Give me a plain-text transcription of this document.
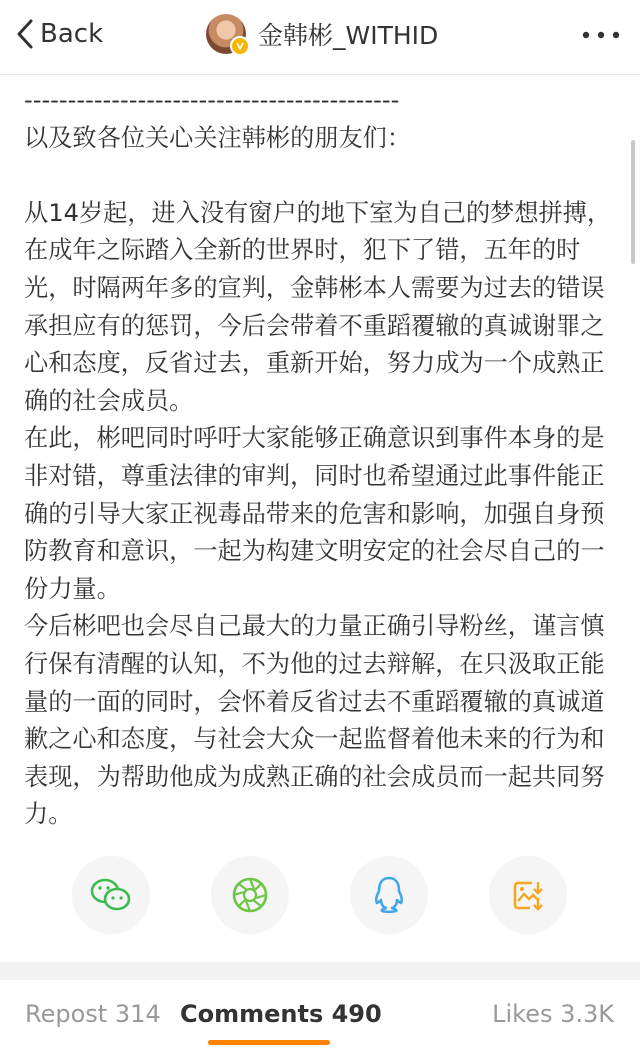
Back	金韩彬_WITHID

-------------------------------------------

以及致各位关心关注韩彬的朋友们：

从14岁起，进入没有窗户的地下室为自己的梦想拼搏，在成年之际踏入全新的世界时，犯下了错，五年的时光，时隔两年多的宣判，金韩彬本人需要为过去的错误承担应有的惩罚，今后会带着不重蹈覆辙的真诚谢罪之心和态度，反省过去，重新开始，努力成为一个成熟正确的社会成员。

在此，彬吧同时呼吁大家能够正确意识到事件本身的是非对错，尊重法律的审判，同时也希望通过此事件能正确的引导大家正视毒品带来的危害和影响，加强自身预防教育和意识，一起为构建文明安定的社会尽自己的一份力量。

今后彬吧也会尽自己最大的力量正确引导粉丝，谨言慎行保有清醒的认知，不为他的过去辩解，在只汲取正能量的一面的同时，会怀着反省过去不重蹈覆辙的真诚道歉之心和态度，与社会大众一起监督着他未来的行为和表现，为帮助他成为成熟正确的社会成员而一起共同努力。

Repost 314 Comments 490	Likes 3.3K
